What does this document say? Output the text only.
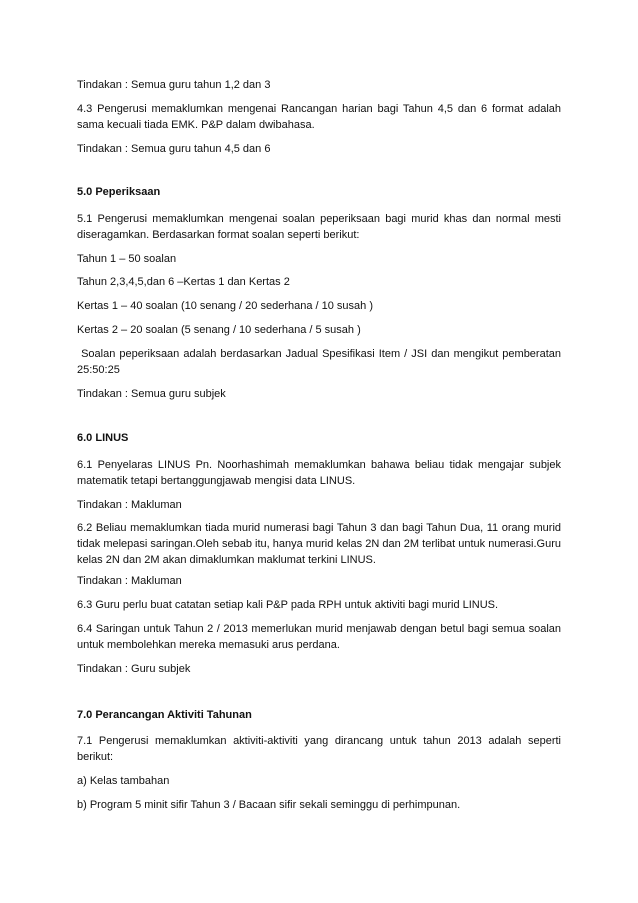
Tindakan : Semua guru tahun 1,2 dan 3

4.3 Pengerusi memaklumkan mengenai Rancangan harian bagi Tahun 4,5 dan 6 format adalah sama kecuali tiada EMK. P&P dalam dwibahasa.

Tindakan : Semua guru tahun 4,5 dan 6

5.0 Peperiksaan

5.1 Pengerusi memaklumkan mengenai soalan peperiksaan bagi murid khas dan normal mesti diseragamkan. Berdasarkan format soalan seperti berikut:

Tahun 1 – 50 soalan

Tahun 2,3,4,5,dan 6 –Kertas 1 dan Kertas 2

Kertas 1 – 40 soalan (10 senang / 20 sederhana / 10 susah )

Kertas 2 – 20 soalan (5 senang / 10 sederhana / 5 susah )

Soalan peperiksaan adalah berdasarkan Jadual Spesifikasi Item / JSI dan mengikut pemberatan 25:50:25

Tindakan : Semua guru subjek

6.0 LINUS

6.1 Penyelaras LINUS Pn. Noorhashimah memaklumkan bahawa beliau tidak mengajar subjek matematik tetapi bertanggungjawab mengisi data LINUS.

Tindakan : Makluman

6.2 Beliau memaklumkan tiada murid numerasi bagi Tahun 3 dan bagi Tahun Dua, 11 orang murid tidak melepasi saringan.Oleh sebab itu, hanya murid kelas 2N dan 2M terlibat untuk numerasi.Guru kelas 2N dan 2M akan dimaklumkan maklumat terkini LINUS.

Tindakan : Makluman

6.3 Guru perlu buat catatan setiap kali P&P pada RPH untuk aktiviti bagi murid LINUS.

6.4 Saringan untuk Tahun 2 / 2013 memerlukan murid menjawab dengan betul bagi semua soalan untuk membolehkan mereka memasuki arus perdana.

Tindakan : Guru subjek

7.0 Perancangan Aktiviti Tahunan

7.1 Pengerusi memaklumkan aktiviti-aktiviti yang dirancang untuk tahun 2013 adalah seperti berikut:

a) Kelas tambahan

b) Program 5 minit sifir Tahun 3 / Bacaan sifir sekali seminggu di perhimpunan.
